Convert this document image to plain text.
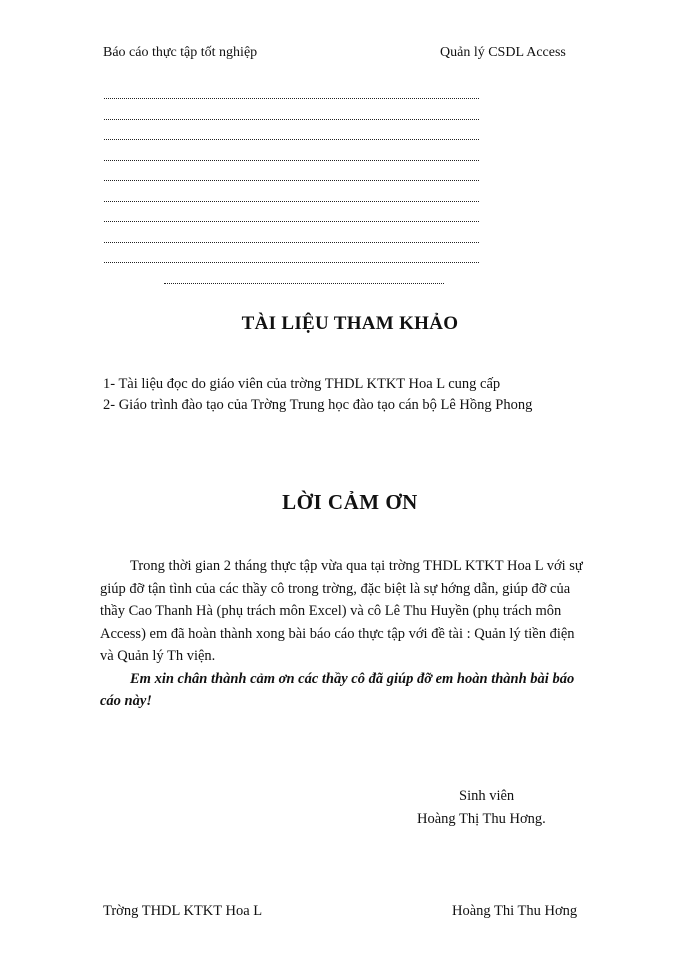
Báo cáo thực tập tốt nghiệp	Quản lý CSDL Access
TÀI LIỆU THAM KHẢO
1- Tài liệu đọc do giáo viên của trờng THDL KTKT Hoa L cung cấp
2- Giáo trình đào tạo của Trờng Trung học đào tạo cán bộ Lê Hồng Phong
LỜI CẢM ƠN

Trong thời gian 2 tháng thực tập vừa qua tại trờng THDL KTKT Hoa L với sự giúp đỡ tận tình của các thầy cô trong trờng, đặc biệt là sự hớng dẫn, giúp đỡ của thầy Cao Thanh Hà (phụ trách môn Excel) và cô Lê Thu Huyền (phụ trách môn Access) em đã hoàn thành xong bài báo cáo thực tập với đề tài : Quản lý tiền điện và Quản lý Th viện.

Em xin chân thành cảm ơn các thầy cô đã giúp đỡ em hoàn thành bài báo cáo này!

Sinh viên
Hoàng Thị Thu Hơng.
Trờng THDL KTKT Hoa L	Hoàng Thi Thu Hơng
